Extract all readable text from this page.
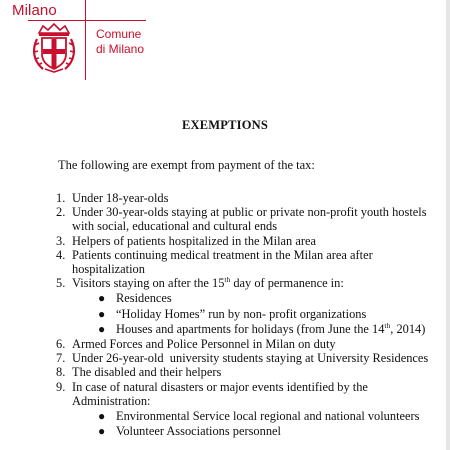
Milano
Comune
di Milano
EXEMPTIONS
The following are exempt from payment of the tax:
1. Under 18-year-olds
2. Under 30-year-olds staying at public or private non-profit youth hostels with social, educational and cultural ends
3. Helpers of patients hospitalized in the Milan area
4. Patients continuing medical treatment in the Milan area after hospitalization
5. Visitors staying on after the 15th day of permanence in:
● Residences
● “Holiday Homes” run by non- profit organizations
● Houses and apartments for holidays (from June the 14th, 2014)
6. Armed Forces and Police Personnel in Milan on duty
7. Under 26-year-old  university students staying at University Residences
8. The disabled and their helpers
9. In case of natural disasters or major events identified by the Administration:
● Environmental Service local regional and national volunteers
● Volunteer Associations personnel
